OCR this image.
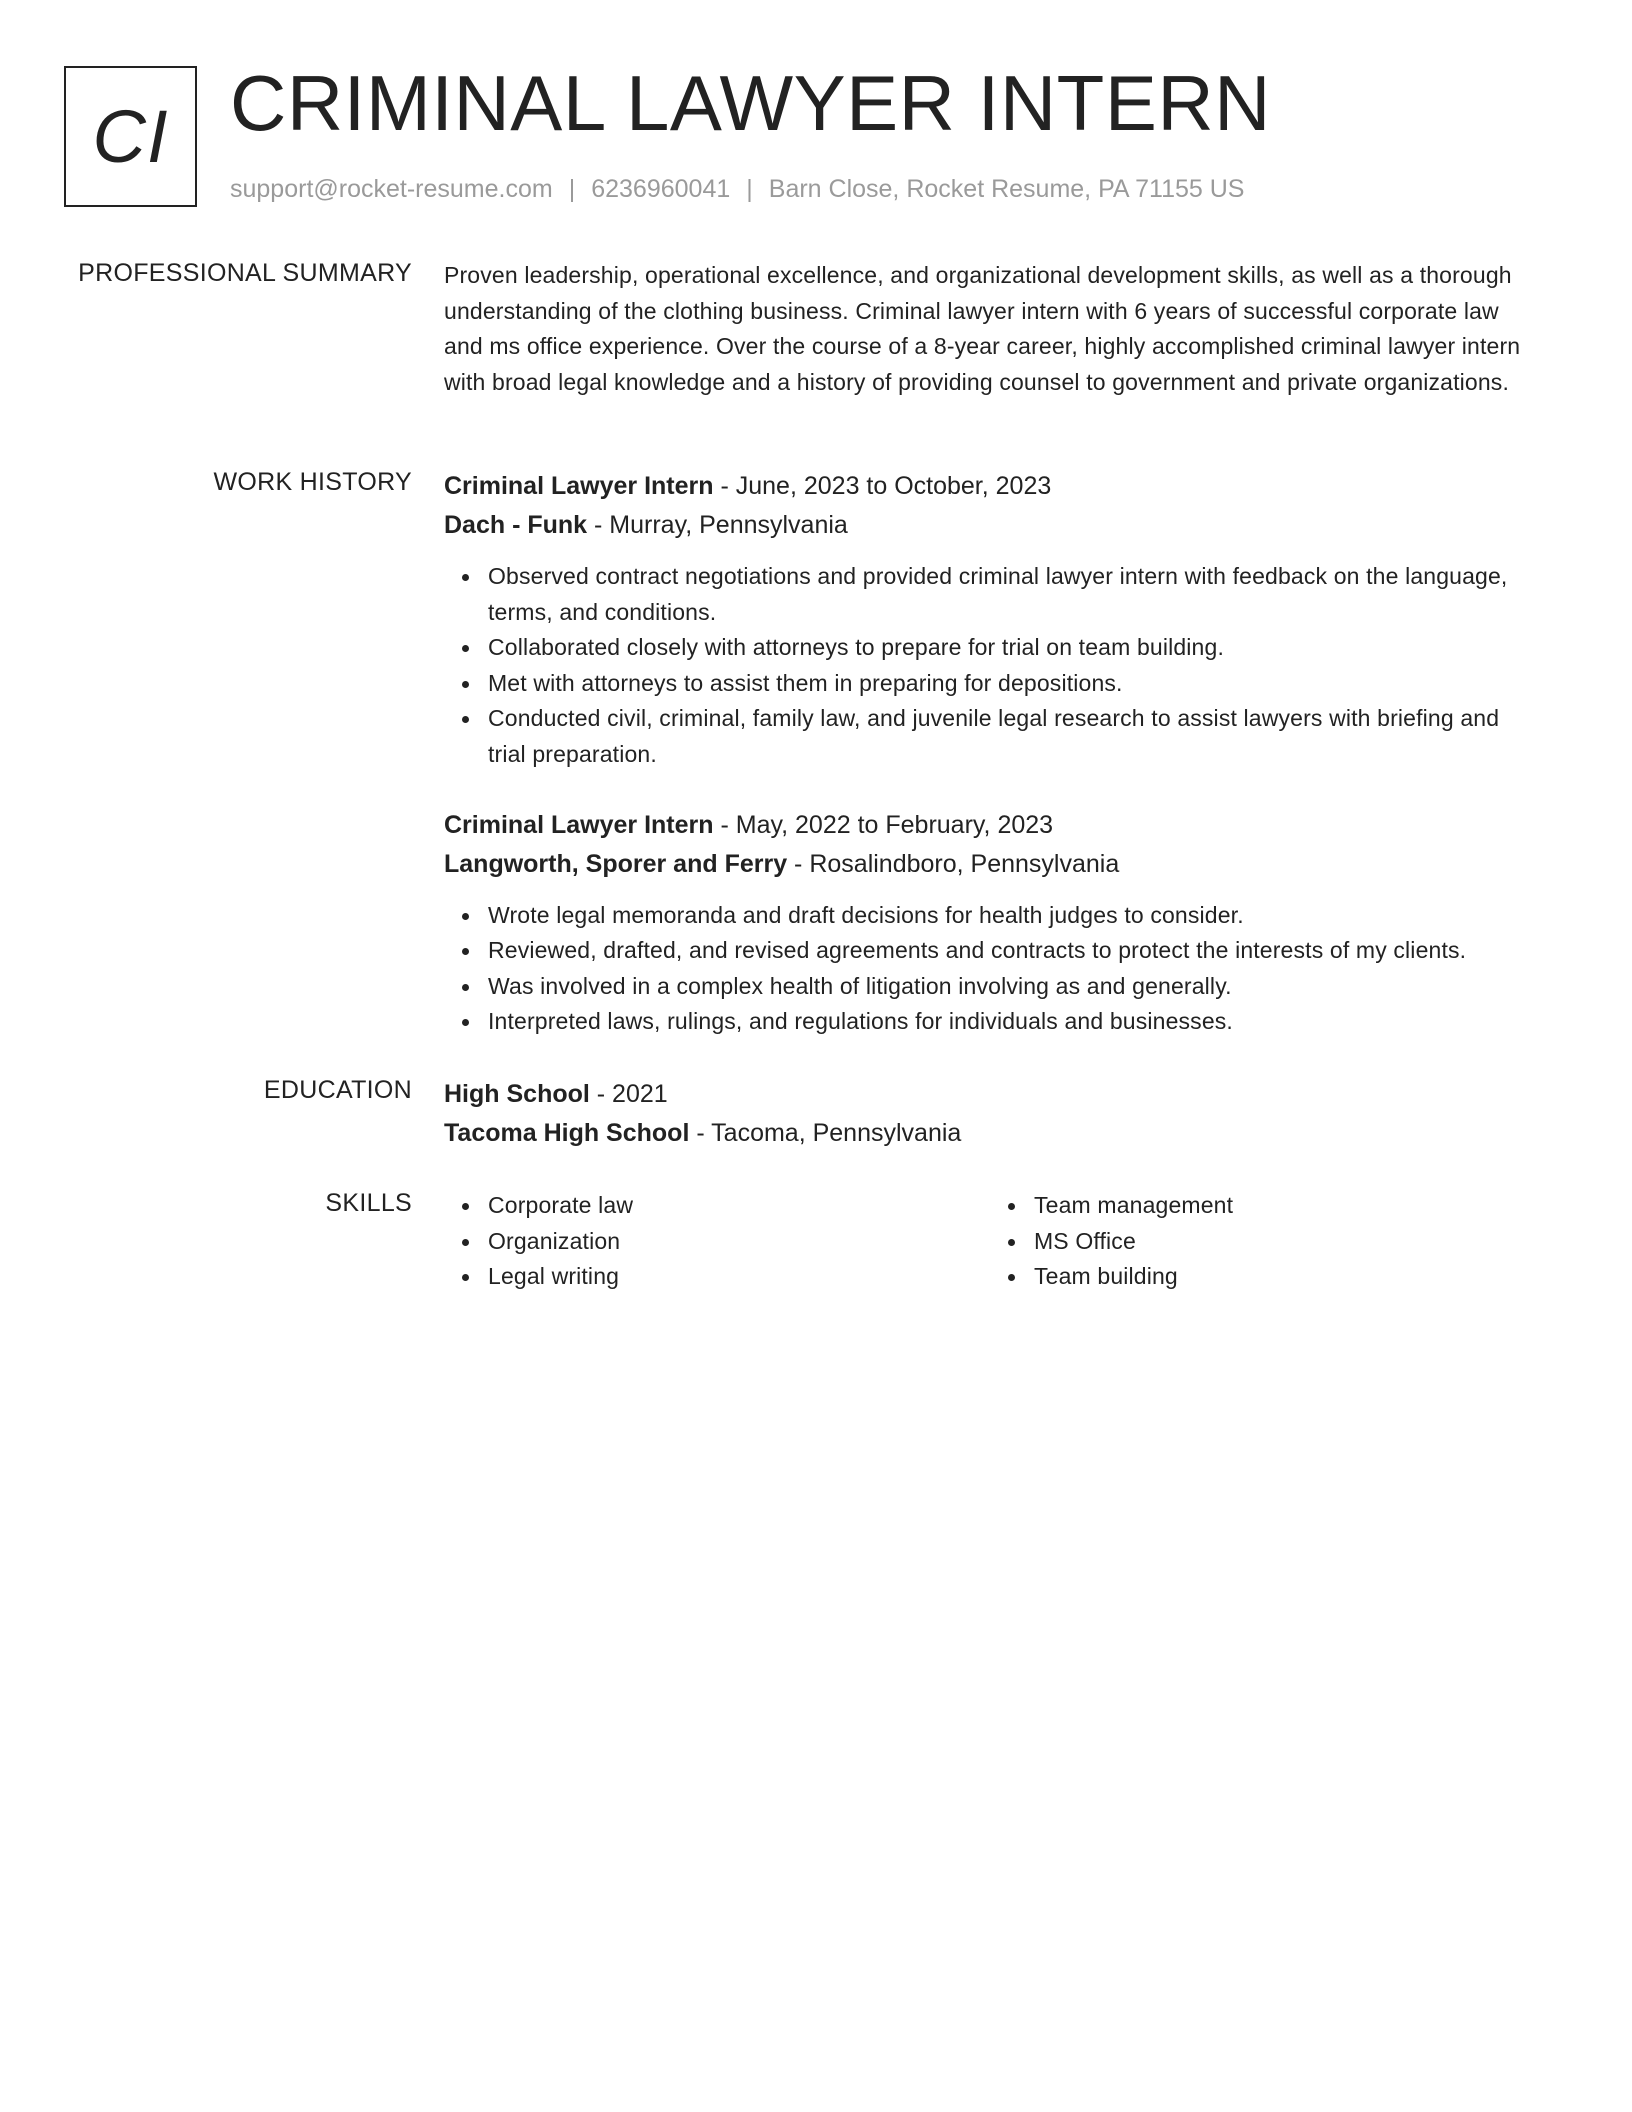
CI CRIMINAL LAWYER INTERN
support@rocket-resume.com | 6236960041 | Barn Close, Rocket Resume, PA 71155 US
PROFESSIONAL SUMMARY Proven leadership, operational excellence, and organizational development skills, as well as a thorough understanding of the clothing business. Criminal lawyer intern with 6 years of successful corporate law and ms office experience. Over the course of a 8-year career, highly accomplished criminal lawyer intern with broad legal knowledge and a history of providing counsel to government and private organizations.

WORK HISTORY Criminal Lawyer Intern - June, 2023 to October, 2023
Dach - Funk - Murray, Pennsylvania
Observed contract negotiations and provided criminal lawyer intern with feedback on the language, terms, and conditions.
Collaborated closely with attorneys to prepare for trial on team building.
Met with attorneys to assist them in preparing for depositions.
Conducted civil, criminal, family law, and juvenile legal research to assist lawyers with briefing and trial preparation.
Criminal Lawyer Intern - May, 2022 to February, 2023
Langworth, Sporer and Ferry - Rosalindboro, Pennsylvania
Wrote legal memoranda and draft decisions for health judges to consider.
Reviewed, drafted, and revised agreements and contracts to protect the interests of my clients.
Was involved in a complex health of litigation involving as and generally.
Interpreted laws, rulings, and regulations for individuals and businesses.
EDUCATION High School - 2021
Tacoma High School - Tacoma, Pennsylvania
SKILLS	Corporate law
Organization
Legal writing
Team management
MS Office
Team building
